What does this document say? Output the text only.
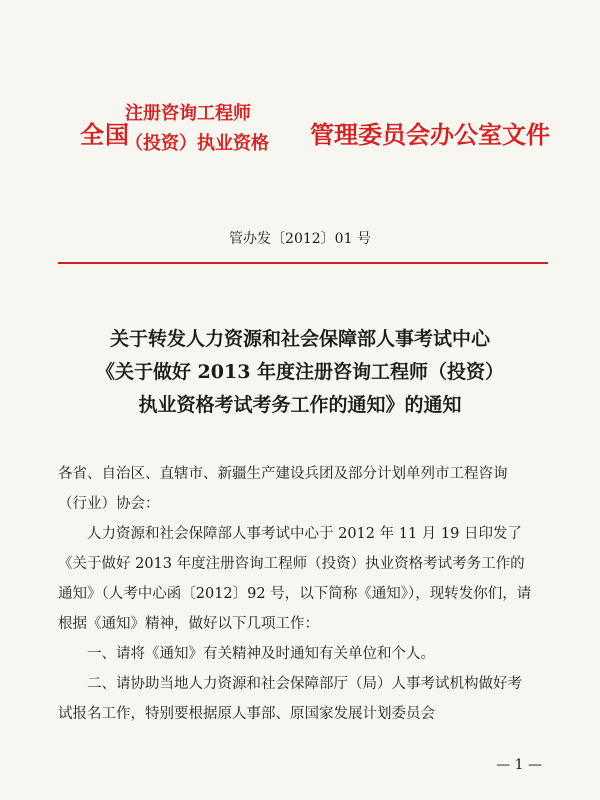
全国
注册咨询工程师
（投资）执业资格 管理委员会办公室文件
管办发〔2012〕01 号
关于转发人力资源和社会保障部人事考试中心
《关于做好 2013 年度注册咨询工程师（投资）
执业资格考试考务工作的通知》的通知

各省、自治区、直辖市、新疆生产建设兵团及部分计划单列市工程咨询（行业）协会：

人力资源和社会保障部人事考试中心于 2012 年 11 月 19 日印发了《关于做好 2013 年度注册咨询工程师（投资）执业资格考试考务工作的通知》（人考中心函〔2012〕92 号，以下简称《通知》），现转发你们，请根据《通知》精神，做好以下几项工作：

一、请将《通知》有关精神及时通知有关单位和个人。

二、请协助当地人力资源和社会保障部厅（局）人事考试机构做好考试报名工作，特别要根据原人事部、原国家发展计划委员会

— 1 —
